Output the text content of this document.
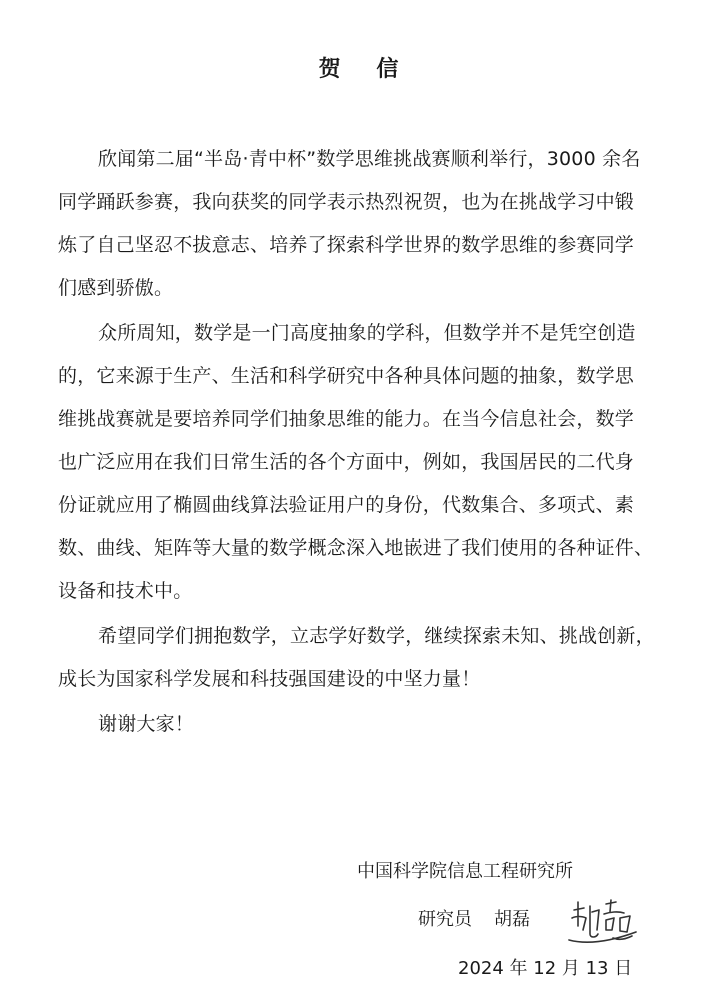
贺 信
欣闻第二届“半岛·青中杯”数学思维挑战赛顺利举行，3000 余名
同学踊跃参赛，我向获奖的同学表示热烈祝贺，也为在挑战学习中锻
炼了自己坚忍不拔意志、培养了探索科学世界的数学思维的参赛同学
们感到骄傲。
众所周知，数学是一门高度抽象的学科，但数学并不是凭空创造
的，它来源于生产、生活和科学研究中各种具体问题的抽象，数学思
维挑战赛就是要培养同学们抽象思维的能力。在当今信息社会，数学
也广泛应用在我们日常生活的各个方面中，例如，我国居民的二代身
份证就应用了椭圆曲线算法验证用户的身份，代数集合、多项式、素
数、曲线、矩阵等大量的数学概念深入地嵌进了我们使用的各种证件、
设备和技术中。
希望同学们拥抱数学，立志学好数学，继续探索未知、挑战创新，
成长为国家科学发展和科技强国建设的中坚力量！
谢谢大家！
中国科学院信息工程研究所
研究员 胡磊
2024 年 12 月 13 日
